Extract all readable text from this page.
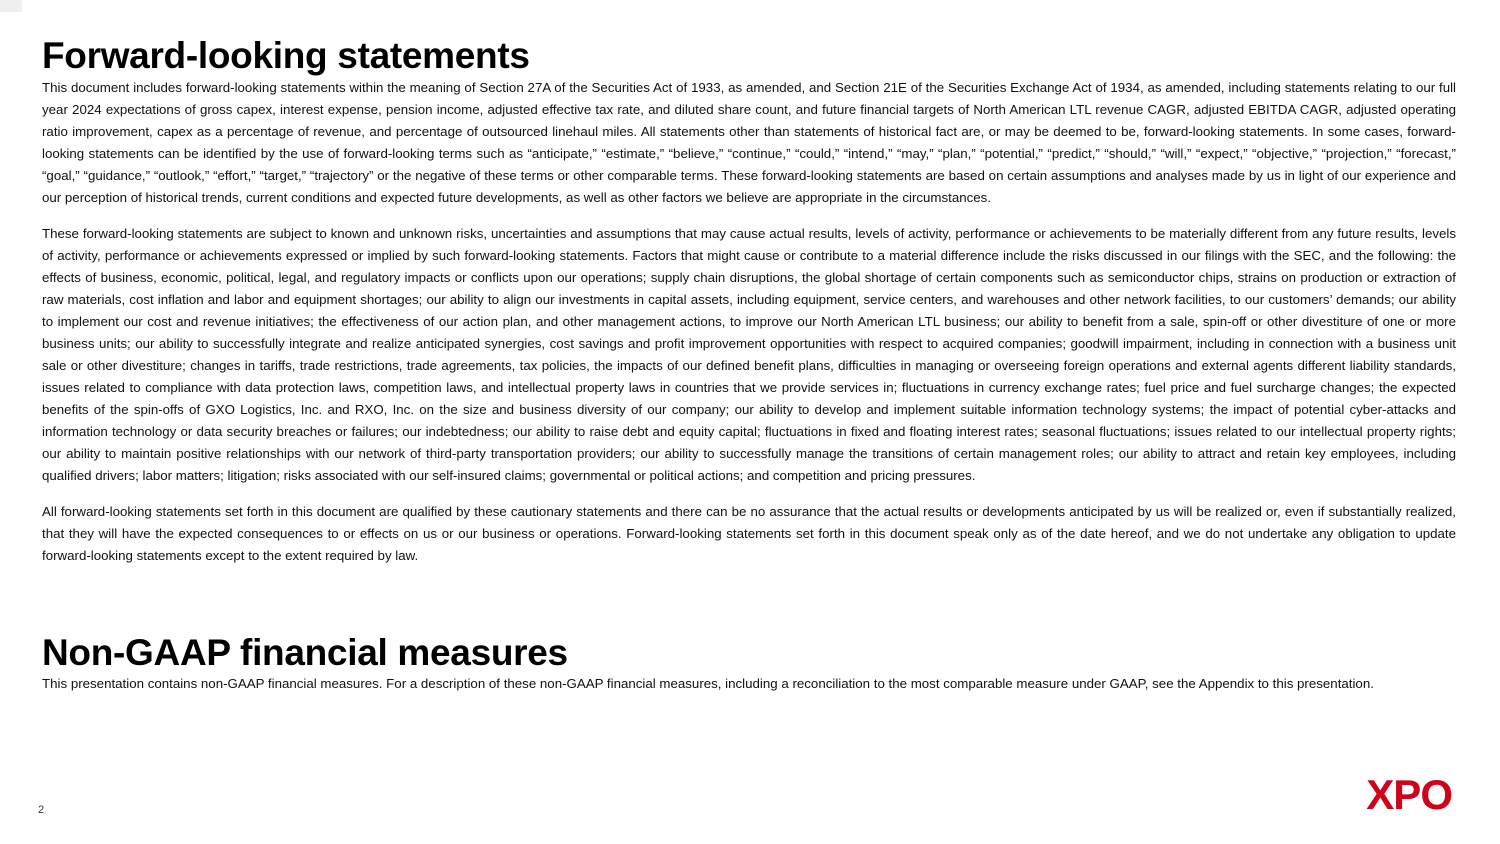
Forward-looking statements

This document includes forward-looking statements within the meaning of Section 27A of the Securities Act of 1933, as amended, and Section 21E of the Securities Exchange Act of 1934, as amended, including statements relating to our full year 2024 expectations of gross capex, interest expense, pension income, adjusted effective tax rate, and diluted share count, and future financial targets of North American LTL revenue CAGR, adjusted EBITDA CAGR, adjusted operating ratio improvement, capex as a percentage of revenue, and percentage of outsourced linehaul miles. All statements other than statements of historical fact are, or may be deemed to be, forward-looking statements. In some cases, forward-looking statements can be identified by the use of forward-looking terms such as “anticipate,” “estimate,” “believe,” “continue,” “could,” “intend,” “may,” “plan,” “potential,” “predict,” “should,” “will,” “expect,” “objective,” “projection,” “forecast,” “goal,” “guidance,” “outlook,” “effort,” “target,” “trajectory” or the negative of these terms or other comparable terms. These forward-looking statements are based on certain assumptions and analyses made by us in light of our experience and our perception of historical trends, current conditions and expected future developments, as well as other factors we believe are appropriate in the circumstances.

These forward-looking statements are subject to known and unknown risks, uncertainties and assumptions that may cause actual results, levels of activity, performance or achievements to be materially different from any future results, levels of activity, performance or achievements expressed or implied by such forward-looking statements. Factors that might cause or contribute to a material difference include the risks discussed in our filings with the SEC, and the following: the effects of business, economic, political, legal, and regulatory impacts or conflicts upon our operations; supply chain disruptions, the global shortage of certain components such as semiconductor chips, strains on production or extraction of raw materials, cost inflation and labor and equipment shortages; our ability to align our investments in capital assets, including equipment, service centers, and warehouses and other network facilities, to our customers’ demands; our ability to implement our cost and revenue initiatives; the effectiveness of our action plan, and other management actions, to improve our North American LTL business; our ability to benefit from a sale, spin-off or other divestiture of one or more business units; our ability to successfully integrate and realize anticipated synergies, cost savings and profit improvement opportunities with respect to acquired companies; goodwill impairment, including in connection with a business unit sale or other divestiture; changes in tariffs, trade restrictions, trade agreements, tax policies, the impacts of our defined benefit plans, difficulties in managing or overseeing foreign operations and external agents different liability standards, issues related to compliance with data protection laws, competition laws, and intellectual property laws in countries that we provide services in; fluctuations in currency exchange rates; fuel price and fuel surcharge changes; the expected benefits of the spin-offs of GXO Logistics, Inc. and RXO, Inc. on the size and business diversity of our company; our ability to develop and implement suitable information technology systems; the impact of potential cyber-attacks and information technology or data security breaches or failures; our indebtedness; our ability to raise debt and equity capital; fluctuations in fixed and floating interest rates; seasonal fluctuations; issues related to our intellectual property rights; our ability to maintain positive relationships with our network of third-party transportation providers; our ability to successfully manage the transitions of certain management roles; our ability to attract and retain key employees, including qualified drivers; labor matters; litigation; risks associated with our self-insured claims; governmental or political actions; and competition and pricing pressures.

All forward-looking statements set forth in this document are qualified by these cautionary statements and there can be no assurance that the actual results or developments anticipated by us will be realized or, even if substantially realized, that they will have the expected consequences to or effects on us or our business or operations. Forward-looking statements set forth in this document speak only as of the date hereof, and we do not undertake any obligation to update forward-looking statements except to the extent required by law.

Non-GAAP financial measures

This presentation contains non-GAAP financial measures. For a description of these non-GAAP financial measures, including a reconciliation to the most comparable measure under GAAP, see the Appendix to this presentation.

2	XPO
